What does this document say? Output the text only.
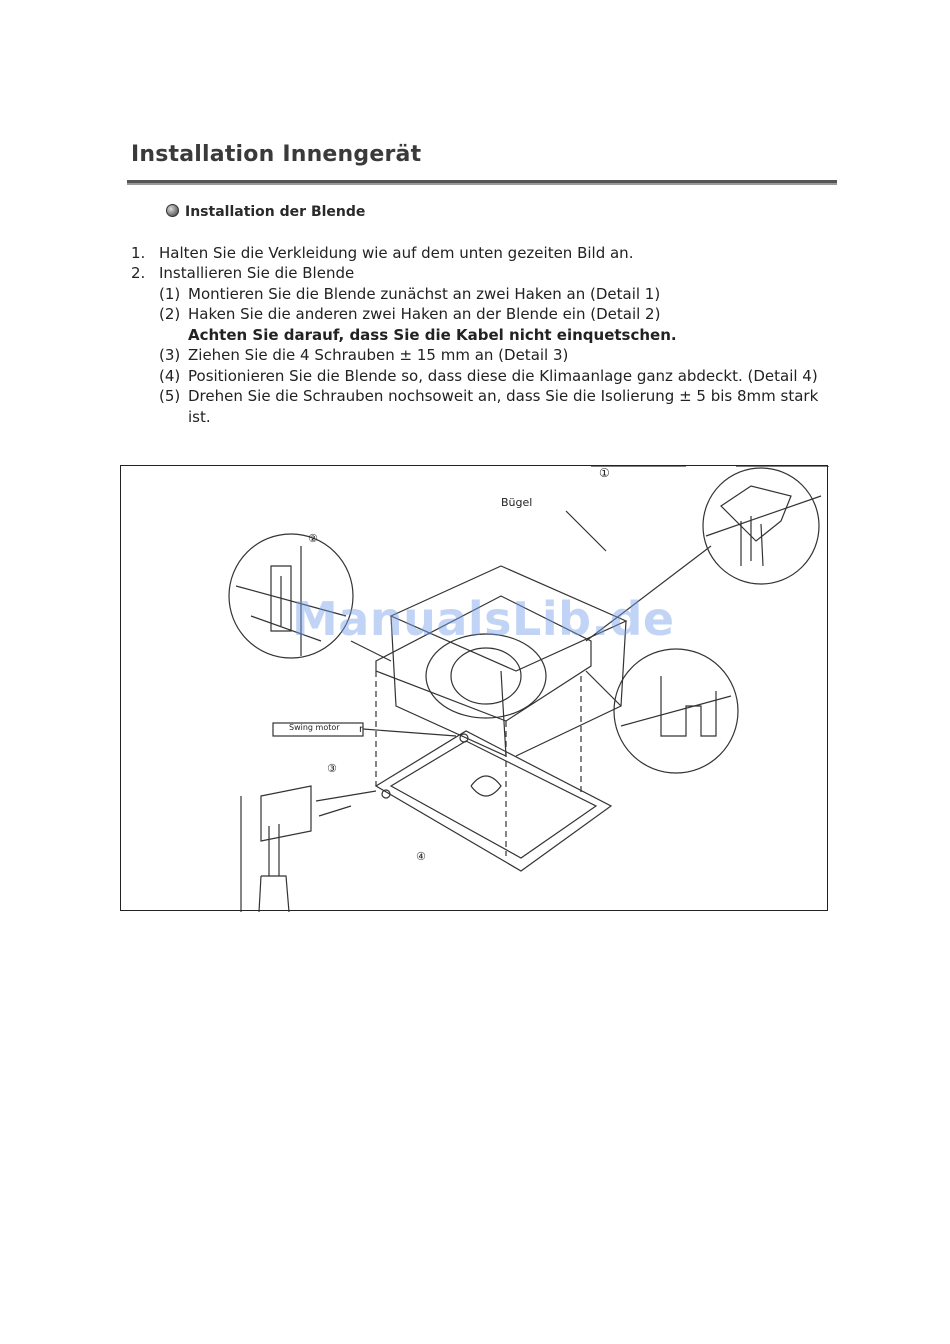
Installation Innengerät
Installation der Blende
1. Halten Sie die Verkleidung wie auf dem unten gezeiten Bild an.
2. Installieren Sie die Blende
(1) Montieren Sie die Blende zunächst an zwei Haken an (Detail 1)
(2) Haken Sie die anderen zwei Haken an der Blende ein (Detail 2)
Achten Sie darauf, dass Sie die Kabel nicht einquetschen.
(3) Ziehen Sie die 4 Schrauben ± 15 mm an (Detail 3)
(4) Positionieren Sie die Blende so, dass diese die Klimaanlage ganz abdeckt. (Detail 4)
(5) Drehen Sie die Schrauben nochsoweit an, dass Sie die Isolierung ± 5 bis 8mm stark
ist.
Bügel
①
②
③
④
Swing motor r
ManualsLib.de
